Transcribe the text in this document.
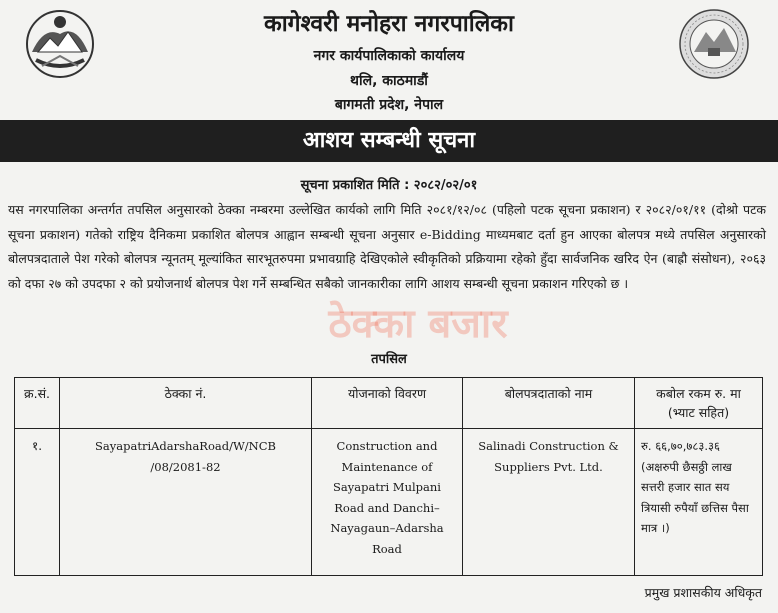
कागेश्वरी मनोहरा नगरपालिका
नगर कार्यपालिकाको कार्यालय
थलि, काठमाडौं
बागमती प्रदेश, नेपाल
आशय सम्बन्धी सूचना
सूचना प्रकाशित मिति : २०८२/०२/०१
यस नगरपालिका अन्तर्गत तपसिल अनुसारको ठेक्का नम्बरमा उल्लेखित कार्यको लागि मिति २०८१/१२/०८ (पहिलो पटक सूचना प्रकाशन) र २०८२/०१/११ (दोश्रो पटक सूचना प्रकाशन) गतेको राष्ट्रिय दैनिकमा प्रकाशित बोलपत्र आह्वान सम्बन्धी सूचना अनुसार e-Bidding माध्यमबाट दर्ता हुन आएका बोलपत्र मध्ये तपसिल अनुसारको बोलपत्रदाताले पेश गरेको बोलपत्र न्यूनतम् मूल्यांकित सारभूतरुपमा प्रभावग्राहि देखिएकोले स्वीकृतिको प्रक्रियामा रहेको हुँदा सार्वजनिक खरिद ऐन (बाह्रौ संसोधन), २०६३ को दफा २७ को उपदफा २ को प्रयोजनार्थ बोलपत्र पेश गर्ने सम्बन्धित सबैको जानकारीका लागि आशय सम्बन्धी सूचना प्रकाशन गरिएको छ ।
ठेक्का बजार
तपसिल
क्र.सं.	ठेक्का नं.	योजनाको विवरण	बोलपत्रदाताको नाम	कबोल रकम रु. मा (भ्याट सहित)
१.	SayapatriAdarshaRoad/W/NCB /08/2081-82	Construction and Maintenance of Sayapatri Mulpani Road and Danchi–Nayagaun–Adarsha Road	Salinadi Construction & Suppliers Pvt. Ltd.	रु. ६६,७०,७८३.३६ (अक्षरुपी छैसठ्ठी लाख सत्तरी हजार सात सय त्रियासी रुपैयाँ छत्तिस पैसा मात्र ।)
प्रमुख प्रशासकीय अधिकृत
